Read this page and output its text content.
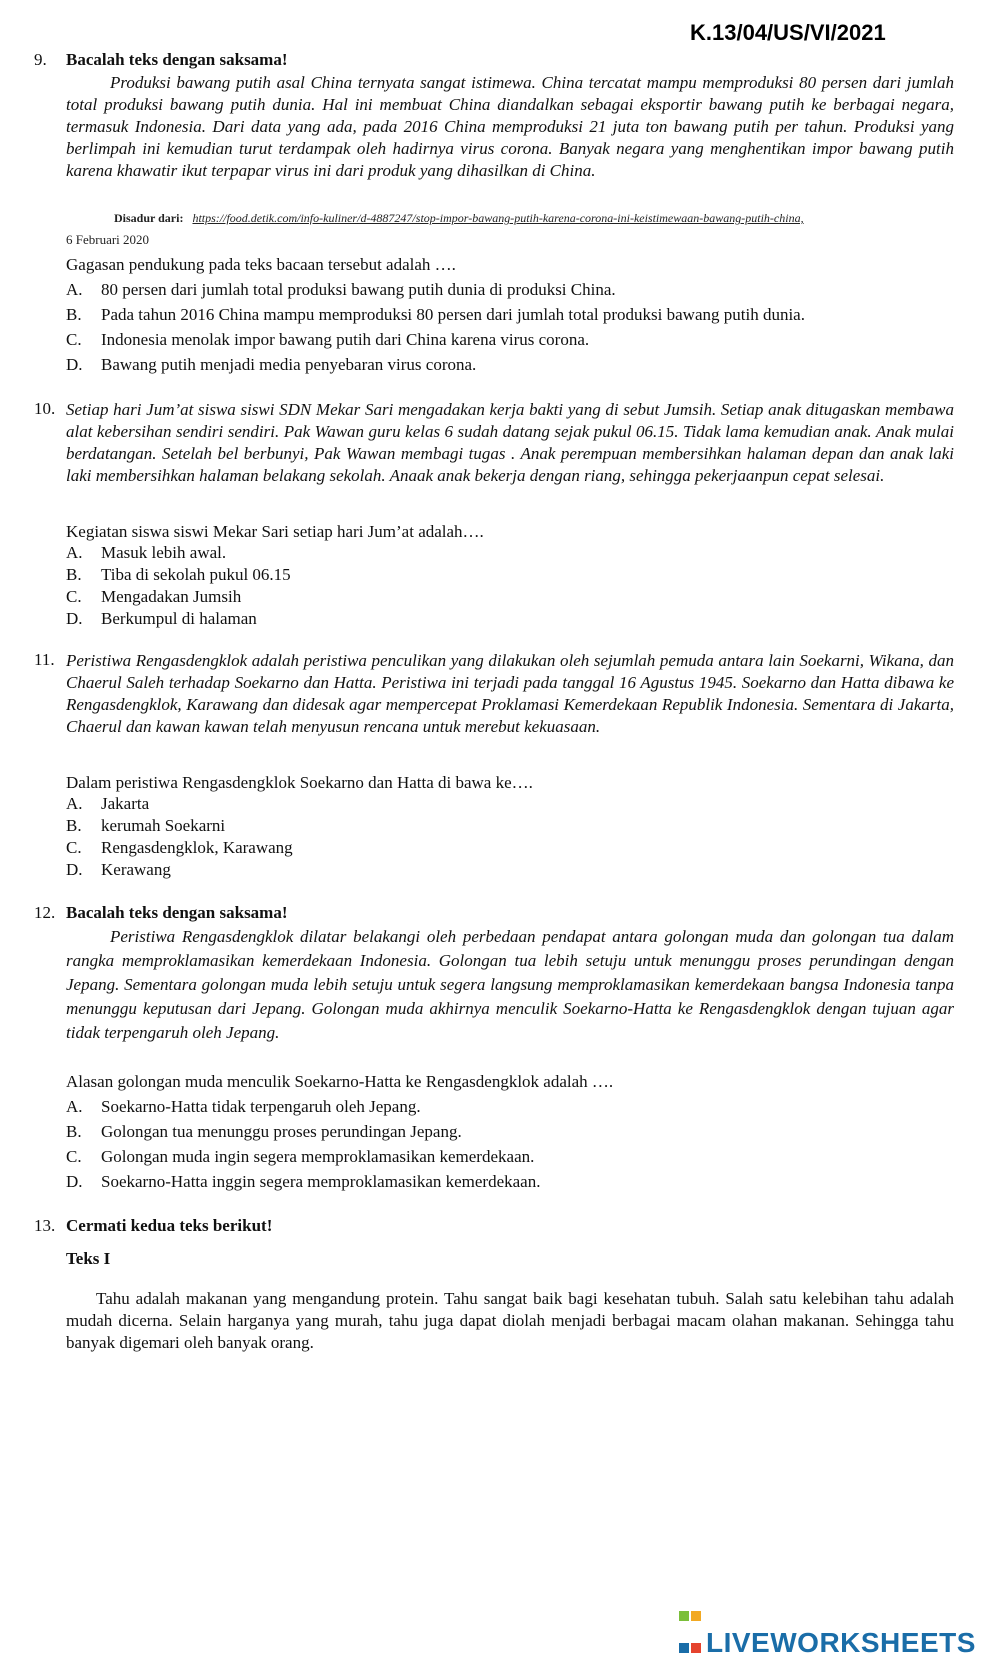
K.13/04/US/VI/2021
9. Bacalah teks dengan saksama!

Produksi bawang putih asal China ternyata sangat istimewa. China tercatat mampu memproduksi 80 persen dari jumlah total produksi bawang putih dunia. Hal ini membuat China diandalkan sebagai eksportir bawang putih ke berbagai negara, termasuk Indonesia. Dari data yang ada, pada 2016 China memproduksi 21 juta ton bawang putih per tahun. Produksi yang berlimpah ini kemudian turut terdampak oleh hadirnya virus corona. Banyak negara yang menghentikan impor bawang putih karena khawatir ikut terpapar virus ini dari produk yang dihasilkan di China.

Disadur dari: https://food.detik.com/info-kuliner/d-4887247/stop-impor-bawang-putih-karena-corona-ini-keistimewaan-bawang-putih-china,
6 Februari 2020
Gagasan pendukung pada teks bacaan tersebut adalah ….
A. 80 persen dari jumlah total produksi bawang putih dunia di produksi China.
B. Pada tahun 2016 China mampu memproduksi 80 persen dari jumlah total produksi bawang putih dunia.
C. Indonesia menolak impor bawang putih dari China karena virus corona.
D. Bawang putih menjadi media penyebaran virus corona.
10. Setiap hari Jum’at siswa siswi SDN Mekar Sari mengadakan kerja bakti yang di sebut Jumsih. Setiap anak ditugaskan membawa alat kebersihan sendiri sendiri. Pak Wawan guru kelas 6 sudah datang sejak pukul 06.15. Tidak lama kemudian anak. Anak mulai berdatangan. Setelah bel berbunyi, Pak Wawan membagi tugas . Anak perempuan membersihkan halaman depan dan anak laki laki membersihkan halaman belakang sekolah. Anaak anak bekerja dengan riang, sehingga pekerjaanpun cepat selesai.

Kegiatan siswa siswi Mekar Sari setiap hari Jum’at adalah….
A. Masuk lebih awal.
B. Tiba di sekolah pukul 06.15
C. Mengadakan Jumsih
D. Berkumpul di halaman
11. Peristiwa Rengasdengklok adalah peristiwa penculikan yang dilakukan oleh sejumlah pemuda antara lain Soekarni, Wikana, dan Chaerul Saleh terhadap Soekarno dan Hatta. Peristiwa ini terjadi pada tanggal 16 Agustus 1945. Soekarno dan Hatta dibawa ke Rengasdengklok, Karawang dan didesak agar mempercepat Proklamasi Kemerdekaan Republik Indonesia. Sementara di Jakarta, Chaerul dan kawan kawan telah menyusun rencana untuk merebut kekuasaan.

Dalam peristiwa Rengasdengklok Soekarno dan Hatta di bawa ke….
A. Jakarta
B. kerumah Soekarni
C. Rengasdengklok, Karawang
D. Kerawang
12. Bacalah teks dengan saksama!

Peristiwa Rengasdengklok dilatar belakangi oleh perbedaan pendapat antara golongan muda dan golongan tua dalam rangka memproklamasikan kemerdekaan Indonesia. Golongan tua lebih setuju untuk menunggu proses perundingan dengan Jepang. Sementara golongan muda lebih setuju untuk segera langsung memproklamasikan kemerdekaan bangsa Indonesia tanpa menunggu keputusan dari Jepang. Golongan muda akhirnya menculik Soekarno-Hatta ke Rengasdengklok dengan tujuan agar tidak terpengaruh oleh Jepang.

Alasan golongan muda menculik Soekarno-Hatta ke Rengasdengklok adalah ….
A. Soekarno-Hatta tidak terpengaruh oleh Jepang.
B. Golongan tua menunggu proses perundingan Jepang.
C. Golongan muda ingin segera memproklamasikan kemerdekaan.
D. Soekarno-Hatta inggin segera memproklamasikan kemerdekaan.
13. Cermati kedua teks berikut!
Teks I

Tahu adalah makanan yang mengandung protein. Tahu sangat baik bagi kesehatan tubuh. Salah satu kelebihan tahu adalah mudah dicerna. Selain harganya yang murah, tahu juga dapat diolah menjadi berbagai macam olahan makanan. Sehingga tahu banyak digemari oleh banyak orang.

LIVEWORKSHEETS
